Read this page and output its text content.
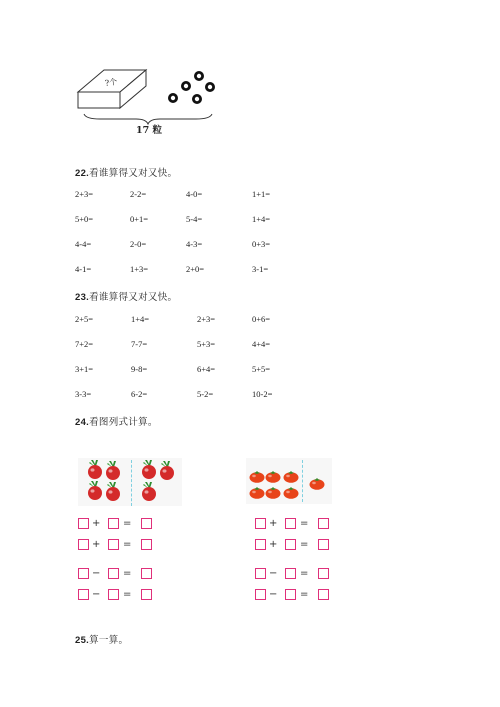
?个
17 粒
22.看谁算得又对又快。
2+3=	2-2=	4-0=	1+1=
5+0=	0+1=	5-4=	1+4=
4-4=	2-0=	4-3=	0+3=
4-1=	1+3=	2+0=	3-1=
23.看谁算得又对又快。
2+5=	1+4=	2+3=	0+6=
7+2=	7-7=	5+3=	4+4=
3+1=	9-8=	6+4=	5+5=
3-3=	6-2=	5-2=	10-2=
24.看图列式计算。
+ =	+ =
+ =	+ =
− =	− =
− =	− =
25.算一算。
